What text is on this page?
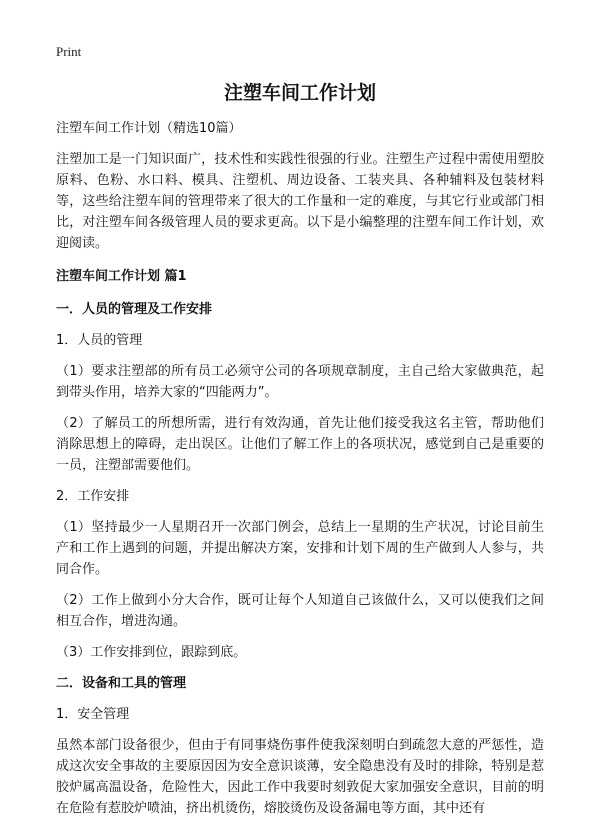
Print
注塑车间工作计划

注塑车间工作计划（精选10篇）

注塑加工是一门知识面广，技术性和实践性很强的行业。注塑生产过程中需使用塑胶原料、色粉、水口料、模具、注塑机、周边设备、工装夹具、各种辅料及包装材料等，这些给注塑车间的管理带来了很大的工作量和一定的难度，与其它行业或部门相比，对注塑车间各级管理人员的要求更高。以下是小编整理的注塑车间工作计划，欢迎阅读。

注塑车间工作计划 篇1

一．人员的管理及工作安排

1．人员的管理

（1）要求注塑部的所有员工必须守公司的各项规章制度，主自己给大家做典范，起到带头作用，培养大家的“四能两力”。

（2）了解员工的所想所需，进行有效沟通，首先让他们接受我这名主管，帮助他们消除思想上的障碍，走出误区。让他们了解工作上的各项状况，感觉到自己是重要的一员，注塑部需要他们。

2．工作安排

（1）坚持最少一人星期召开一次部门例会，总结上一星期的生产状况，讨论目前生产和工作上遇到的问题，并提出解决方案，安排和计划下周的生产做到人人参与，共同合作。

（2）工作上做到小分大合作，既可让每个人知道自己该做什么，又可以使我们之间相互合作，增进沟通。

（3）工作安排到位，跟踪到底。

二．设备和工具的管理

1．安全管理

虽然本部门设备很少，但由于有同事烧伤事件使我深刻明白到疏忽大意的严惩性，造成这次安全事故的主要原因因为安全意识谈薄，安全隐患没有及时的排除，特别是惹胶炉属高温设备，危险性大，因此工作中我要时刻敦促大家加强安全意识，目前的明在危险有惹胶炉喷油，挤出机烫伤，熔胶烫伤及设备漏电等方面，其中还有
